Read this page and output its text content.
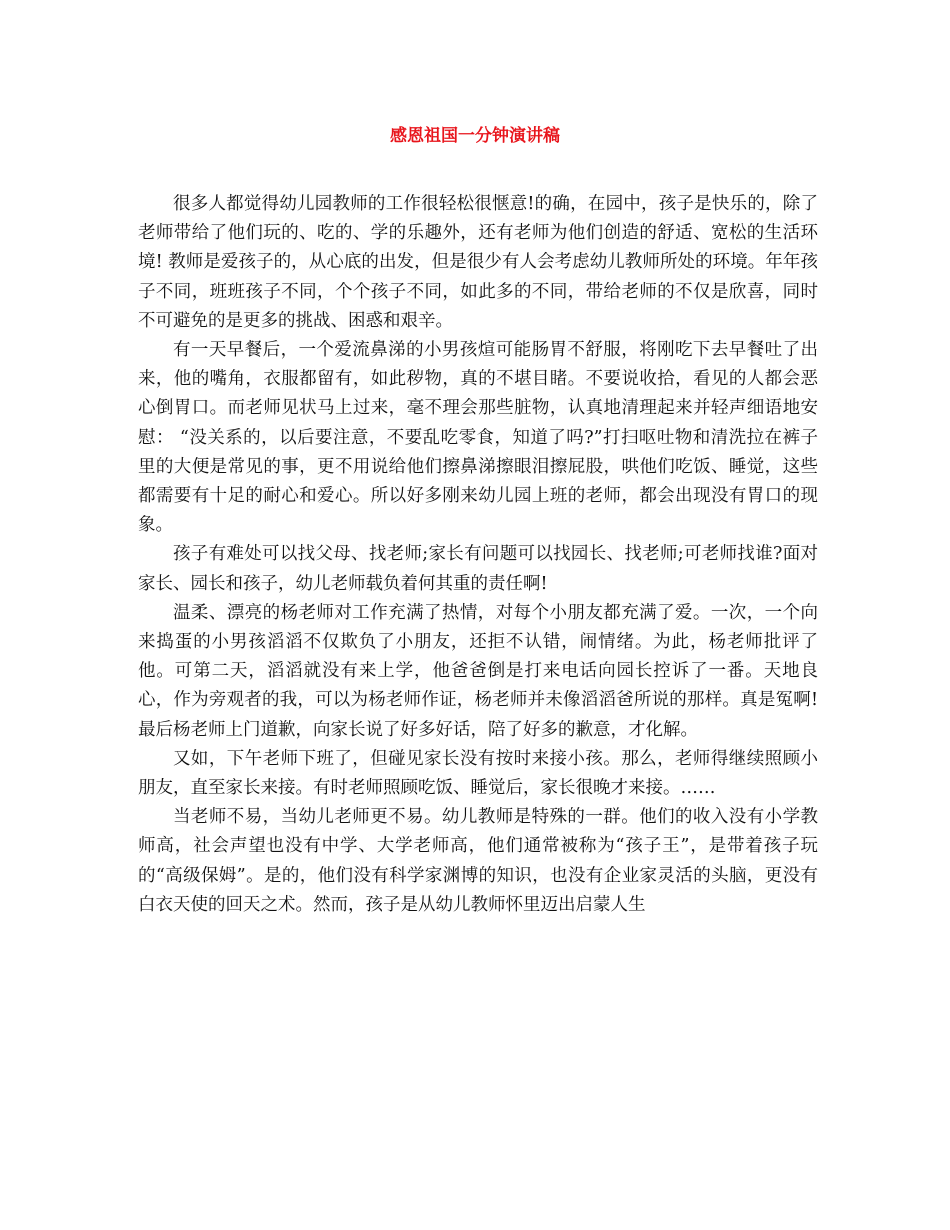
感恩祖国一分钟演讲稿

很多人都觉得幼儿园教师的工作很轻松很惬意!的确，在园中，孩子是快乐的，除了老师带给了他们玩的、吃的、学的乐趣外，还有老师为他们创造的舒适、宽松的生活环境! 教师是爱孩子的，从心底的出发，但是很少有人会考虑幼儿教师所处的环境。年年孩子不同，班班孩子不同，个个孩子不同，如此多的不同，带给老师的不仅是欣喜，同时不可避免的是更多的挑战、困惑和艰辛。

有一天早餐后，一个爱流鼻涕的小男孩煊可能肠胃不舒服，将刚吃下去早餐吐了出来，他的嘴角，衣服都留有，如此秽物，真的不堪目睹。不要说收拾，看见的人都会恶心倒胃口。而老师见状马上过来，毫不理会那些脏物，认真地清理起来并轻声细语地安慰： “没关系的，以后要注意，不要乱吃零食，知道了吗?”打扫呕吐物和清洗拉在裤子里的大便是常见的事，更不用说给他们擦鼻涕擦眼泪擦屁股，哄他们吃饭、睡觉，这些都需要有十足的耐心和爱心。所以好多刚来幼儿园上班的老师，都会出现没有胃口的现象。

孩子有难处可以找父母、找老师;家长有问题可以找园长、找老师;可老师找谁?面对家长、园长和孩子，幼儿老师载负着何其重的责任啊!

温柔、漂亮的杨老师对工作充满了热情，对每个小朋友都充满了爱。一次，一个向来捣蛋的小男孩滔滔不仅欺负了小朋友，还拒不认错，闹情绪。为此，杨老师批评了他。可第二天，滔滔就没有来上学，他爸爸倒是打来电话向园长控诉了一番。天地良心，作为旁观者的我，可以为杨老师作证，杨老师并未像滔滔爸所说的那样。真是冤啊!最后杨老师上门道歉，向家长说了好多好话，陪了好多的歉意，才化解。

又如，下午老师下班了，但碰见家长没有按时来接小孩。那么，老师得继续照顾小朋友，直至家长来接。有时老师照顾吃饭、睡觉后，家长很晚才来接。……

当老师不易，当幼儿老师更不易。幼儿教师是特殊的一群。他们的收入没有小学教师高，社会声望也没有中学、大学老师高，他们通常被称为“孩子王”，是带着孩子玩的“高级保姆”。是的，他们没有科学家渊博的知识，也没有企业家灵活的头脑，更没有白衣天使的回天之术。然而，孩子是从幼儿教师怀里迈出启蒙人生
